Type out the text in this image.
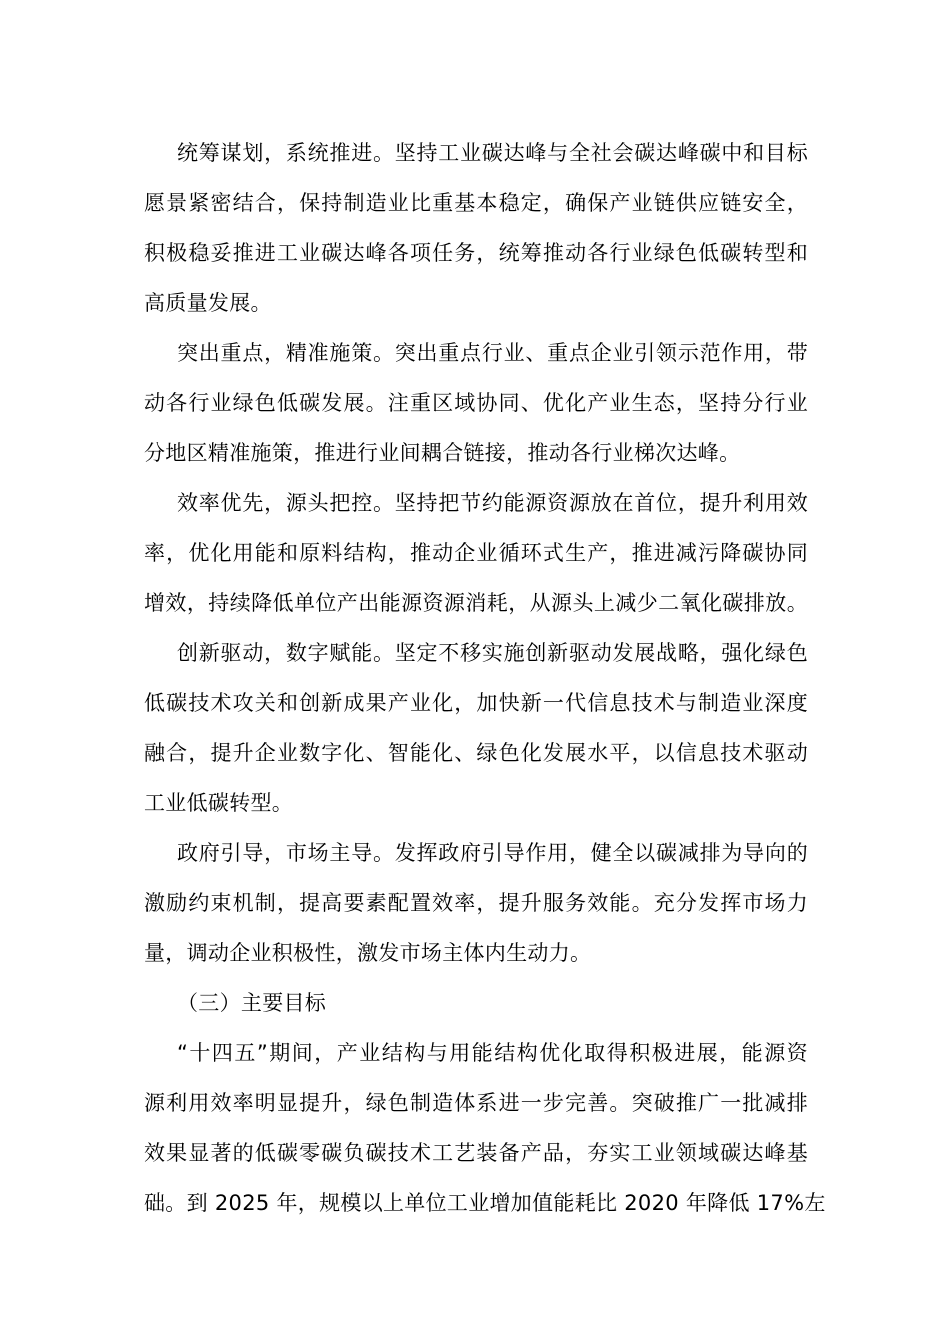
统筹谋划，系统推进。坚持工业碳达峰与全社会碳达峰碳中和目标
愿景紧密结合，保持制造业比重基本稳定，确保产业链供应链安全，
积极稳妥推进工业碳达峰各项任务，统筹推动各行业绿色低碳转型和
高质量发展。
突出重点，精准施策。突出重点行业、重点企业引领示范作用，带
动各行业绿色低碳发展。注重区域协同、优化产业生态，坚持分行业
分地区精准施策，推进行业间耦合链接，推动各行业梯次达峰。
效率优先，源头把控。坚持把节约能源资源放在首位，提升利用效
率，优化用能和原料结构，推动企业循环式生产，推进减污降碳协同
增效，持续降低单位产出能源资源消耗，从源头上减少二氧化碳排放。
创新驱动，数字赋能。坚定不移实施创新驱动发展战略，强化绿色
低碳技术攻关和创新成果产业化，加快新一代信息技术与制造业深度
融合，提升企业数字化、智能化、绿色化发展水平，以信息技术驱动
工业低碳转型。
政府引导，市场主导。发挥政府引导作用，健全以碳减排为导向的
激励约束机制，提高要素配置效率，提升服务效能。充分发挥市场力
量，调动企业积极性，激发市场主体内生动力。
（三）主要目标
“十四五”期间，产业结构与用能结构优化取得积极进展，能源资
源利用效率明显提升，绿色制造体系进一步完善。突破推广一批减排
效果显著的低碳零碳负碳技术工艺装备产品，夯实工业领域碳达峰基
础。到 2025 年，规模以上单位工业增加值能耗比 2020 年降低 17%左
